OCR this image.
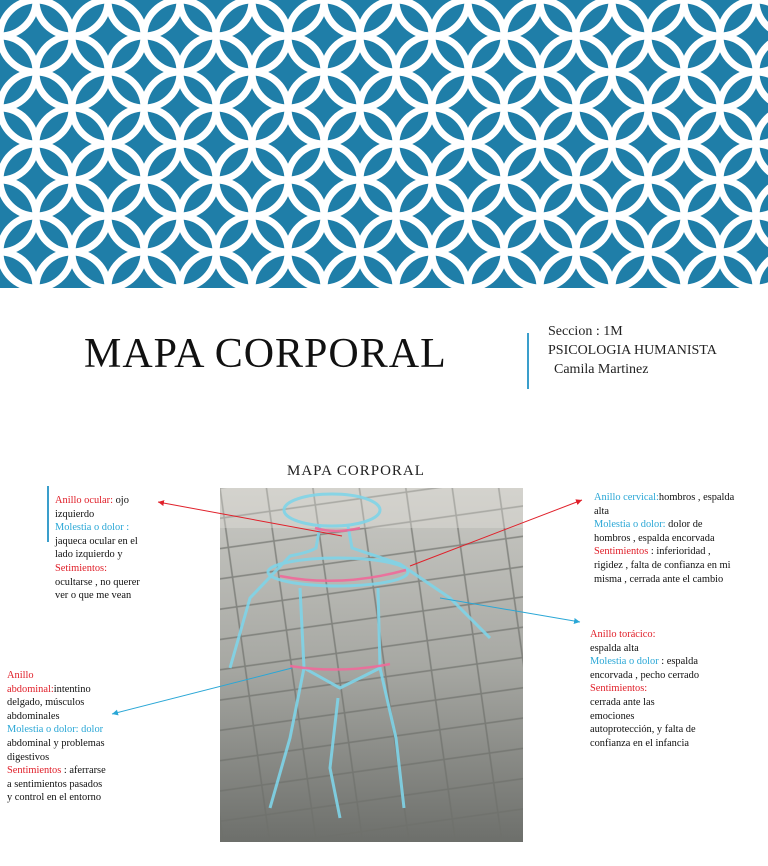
MAPA CORPORAL	Seccion : 1M
PSICOLOGIA HUMANISTA
Camila Martinez
MAPA CORPORAL
Anillo ocular: ojo izquierdo
Molestia o dolor :
jaqueca ocular en el lado izquierdo y
Setimientos:
ocultarse , no querer ver o que me vean
Anillo cervical:hombros , espalda alta
Molestia o dolor: dolor de hombros , espalda encorvada
Sentimientos : inferioridad , rigidez , falta de confianza en mi misma , cerrada ante el cambio
Anillo torácico:
espalda alta
Molestia o dolor : espalda encorvada , pecho cerrado
Sentimientos:
cerrada ante las emociones autoprotección, y falta de confianza en el infancia
Anillo abdominal:intentino delgado, músculos abdominales
Molestia o dolor: dolor abdominal y problemas digestivos
Sentimientos : aferrarse a sentimientos pasados y control en el entorno
